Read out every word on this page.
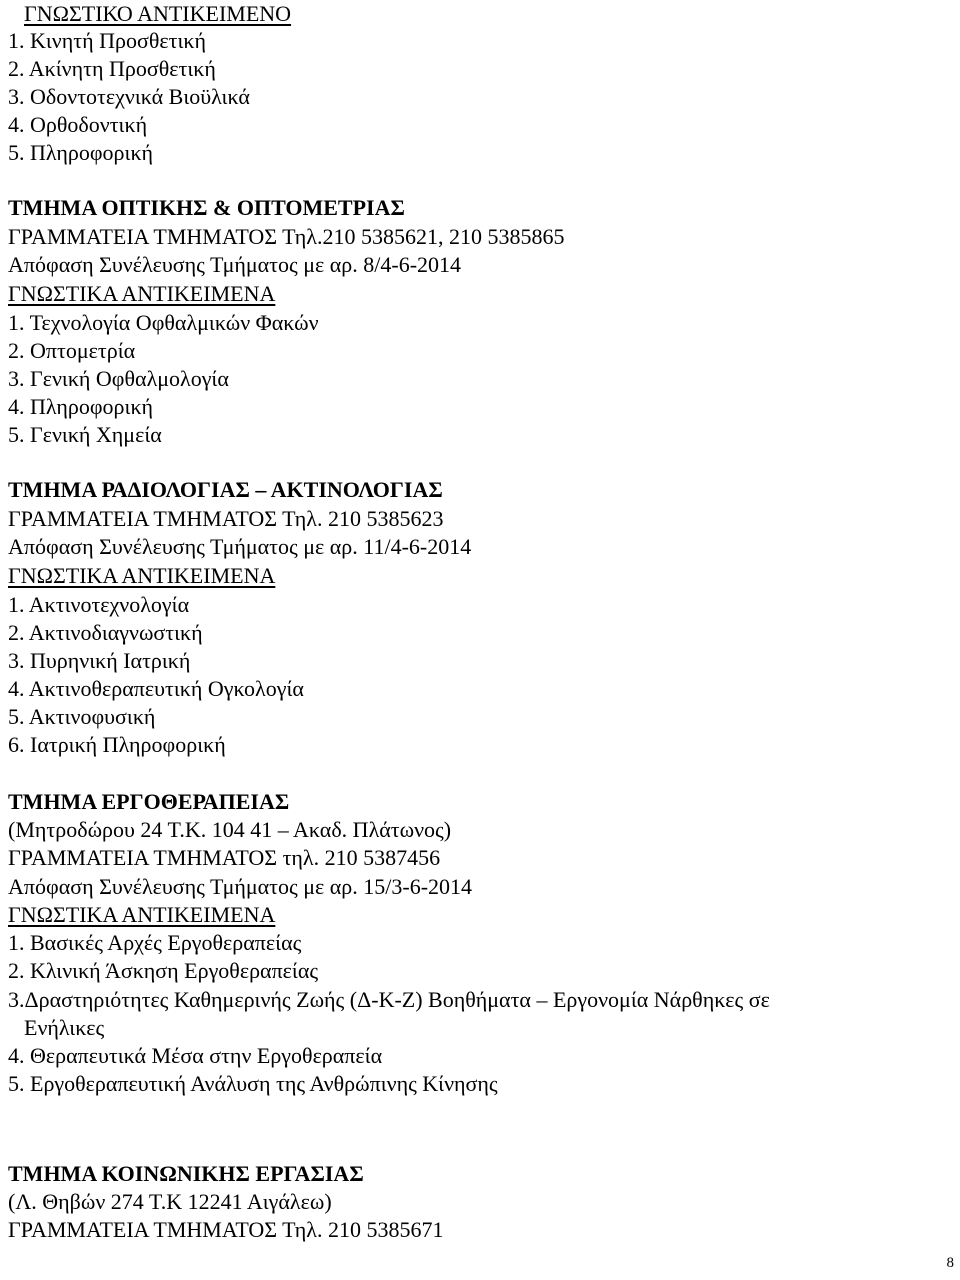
ΓΝΩΣΤΙΚΟ ΑΝΤΙΚΕΙΜΕΝΟ
1. Κινητή Προσθετική
2. Ακίνητη Προσθετική
3. Οδοντοτεχνικά Βιοϋλικά
4. Ορθοδοντική
5. Πληροφορική
ΤΜΗΜΑ ΟΠΤΙΚΗΣ & ΟΠΤΟΜΕΤΡΙΑΣ
ΓΡΑΜΜΑΤΕΙΑ ΤΜΗΜΑΤΟΣ Τηλ.210 5385621, 210 5385865
Απόφαση Συνέλευσης Τμήματος με αρ. 8/4-6-2014
ΓΝΩΣΤΙΚΑ ΑΝΤΙΚΕΙΜΕΝΑ
1. Τεχνολογία Οφθαλμικών Φακών
2. Οπτομετρία
3. Γενική Οφθαλμολογία
4. Πληροφορική
5. Γενική Χημεία
ΤΜΗΜΑ ΡΑΔΙΟΛΟΓΙΑΣ – ΑΚΤΙΝΟΛΟΓΙΑΣ
ΓΡΑΜΜΑΤΕΙΑ ΤΜΗΜΑΤΟΣ Τηλ. 210 5385623
Απόφαση Συνέλευσης Τμήματος με αρ. 11/4-6-2014
ΓΝΩΣΤΙΚΑ ΑΝΤΙΚΕΙΜΕΝΑ
1. Ακτινοτεχνολογία
2. Ακτινοδιαγνωστική
3. Πυρηνική Ιατρική
4. Ακτινοθεραπευτική Ογκολογία
5. Ακτινοφυσική
6. Ιατρική Πληροφορική
ΤΜΗΜΑ ΕΡΓΟΘΕΡΑΠΕΙΑΣ
(Μητροδώρου 24 Τ.Κ. 104 41 – Ακαδ. Πλάτωνος)
ΓΡΑΜΜΑΤΕΙΑ ΤΜΗΜΑΤΟΣ τηλ. 210 5387456
Απόφαση Συνέλευσης Τμήματος με αρ. 15/3-6-2014
ΓΝΩΣΤΙΚΑ ΑΝΤΙΚΕΙΜΕΝΑ
1. Βασικές Αρχές Εργοθεραπείας
2. Κλινική Άσκηση Εργοθεραπείας
3.Δραστηριότητες Καθημερινής Ζωής (Δ-Κ-Ζ) Βοηθήματα – Εργονομία Νάρθηκες σε
Ενήλικες
4. Θεραπευτικά Μέσα στην Εργοθεραπεία
5. Εργοθεραπευτική Ανάλυση της Ανθρώπινης Κίνησης
ΤΜΗΜΑ ΚΟΙΝΩΝΙΚΗΣ ΕΡΓΑΣΙΑΣ
(Λ. Θηβών 274 Τ.Κ 12241 Αιγάλεω)
ΓΡΑΜΜΑΤΕΙΑ ΤΜΗΜΑΤΟΣ Τηλ. 210 5385671
8
